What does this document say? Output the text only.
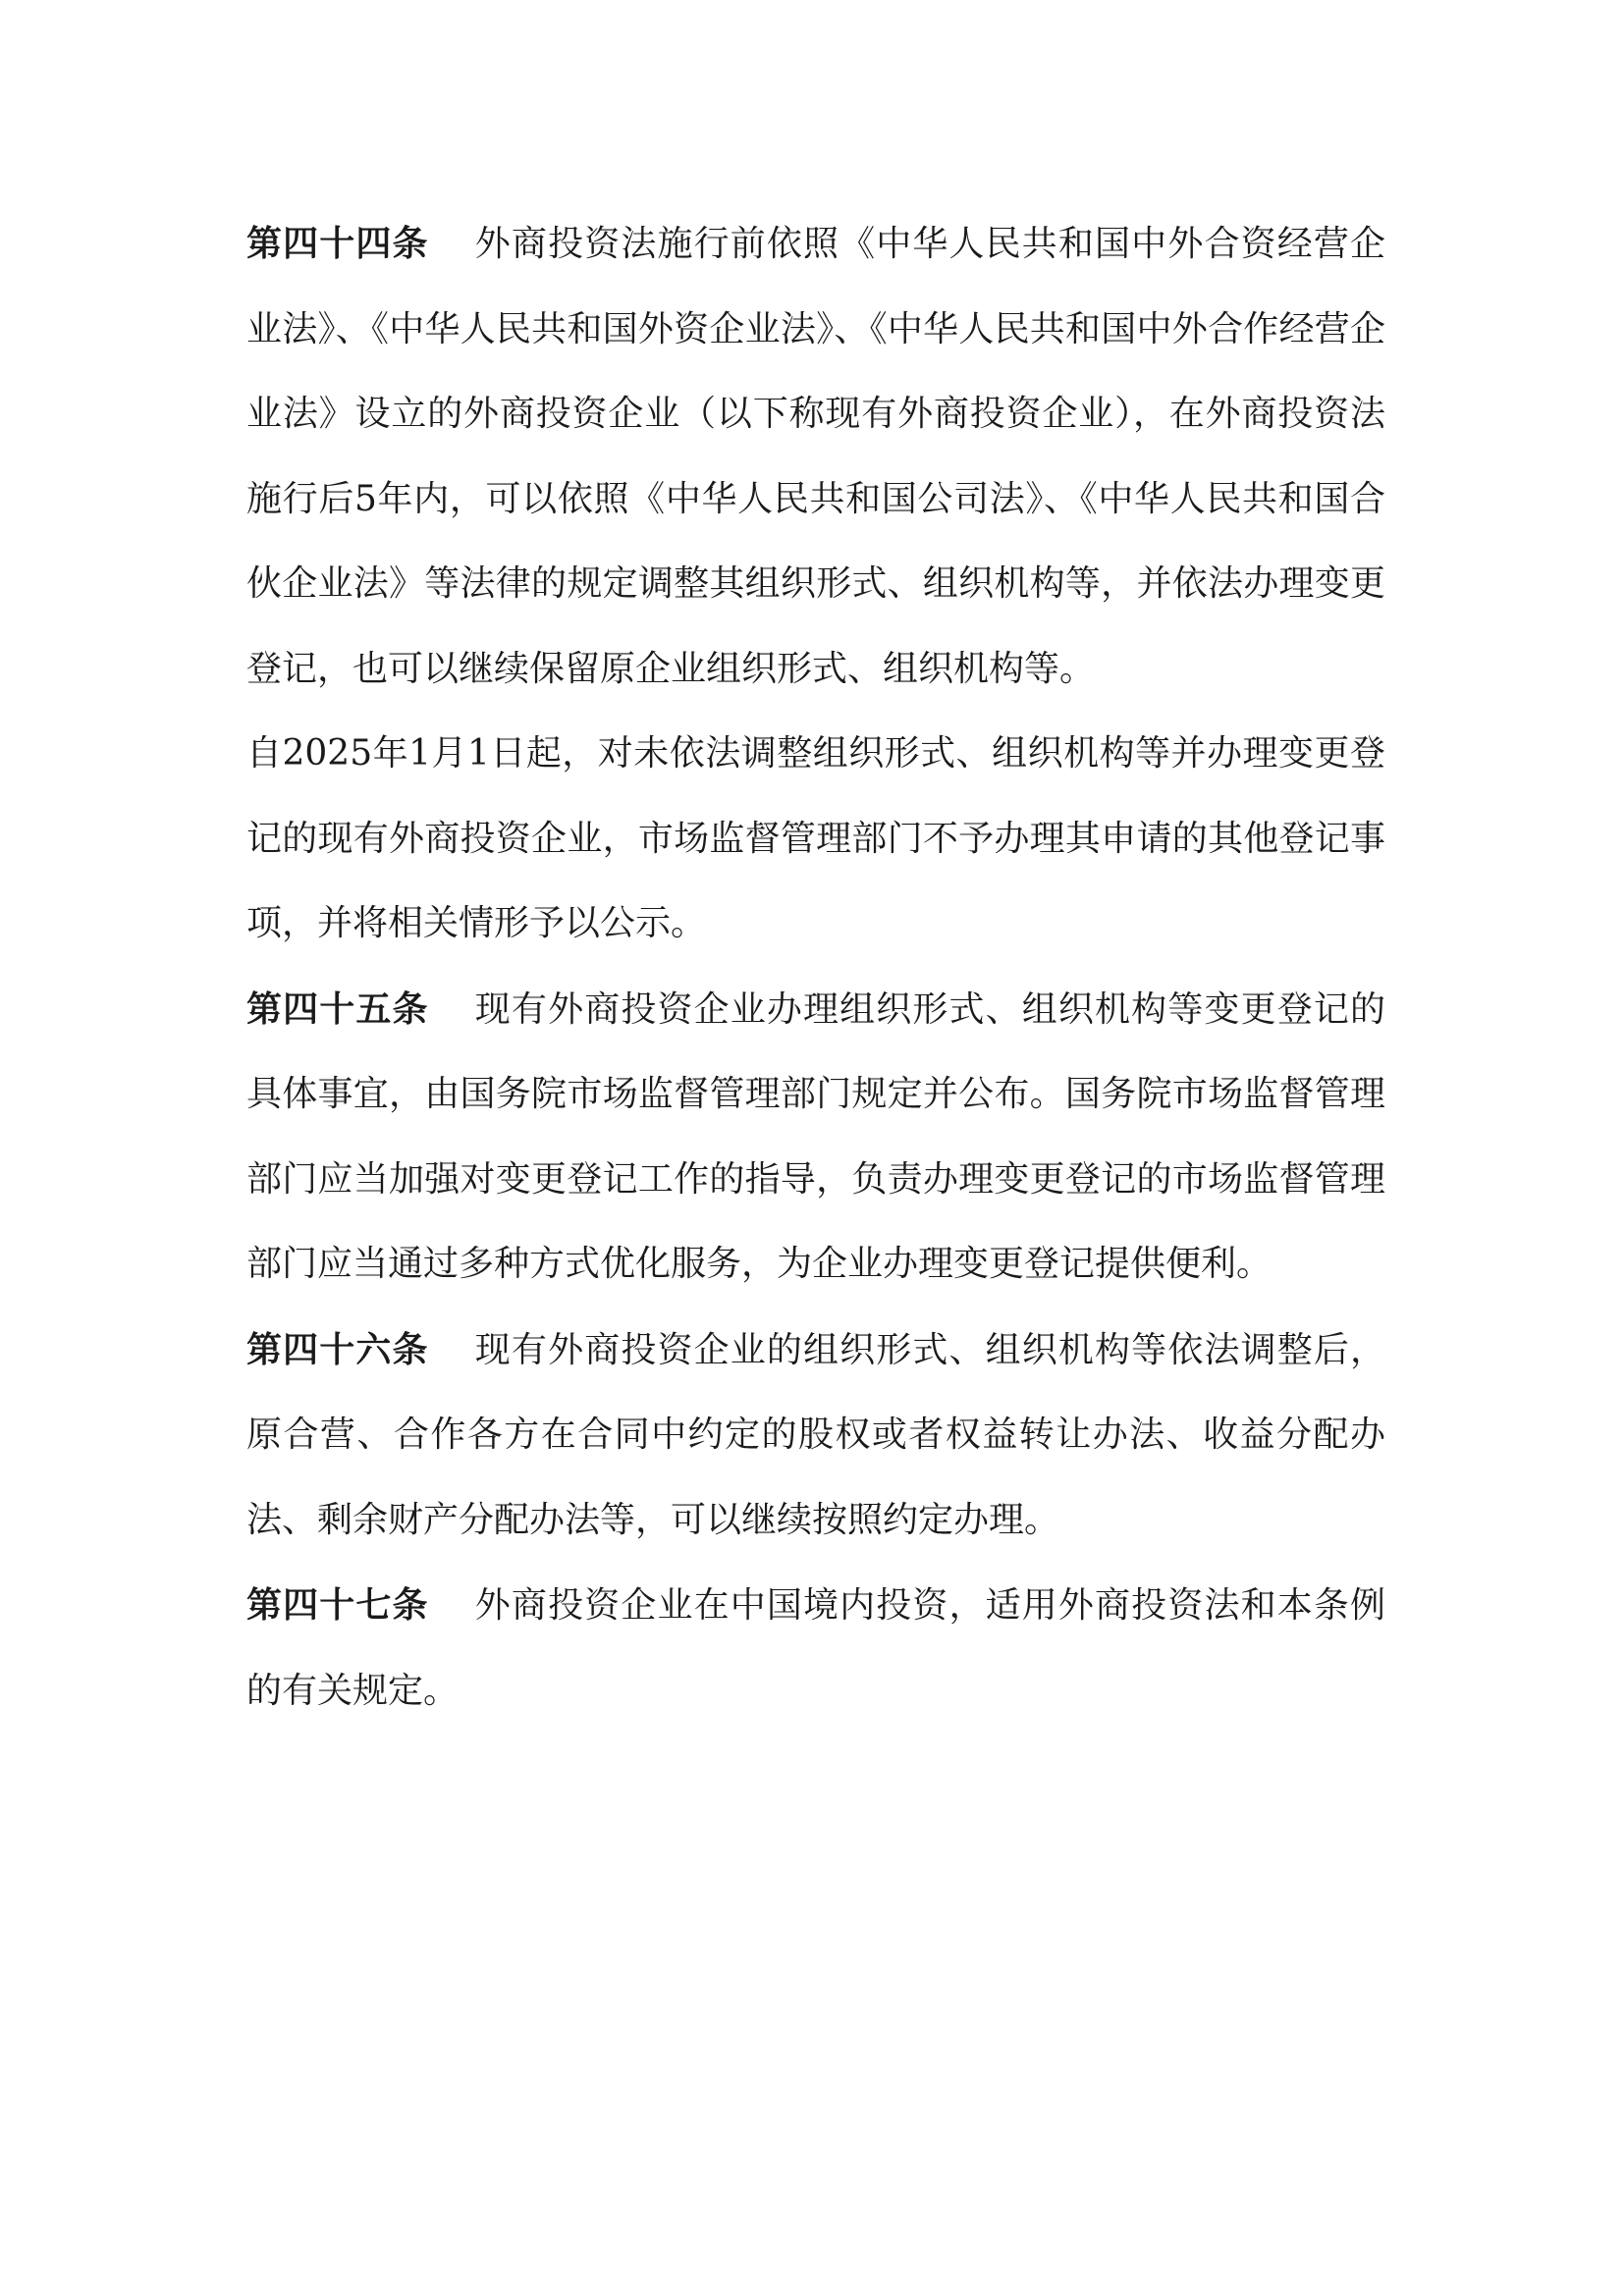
第四十四条 外商投资法施行前依照《中华人民共和国中外合资经营企业法》、《中华人民共和国外资企业法》、《中华人民共和国中外合作经营企业法》设立的外商投资企业（以下称现有外商投资企业），在外商投资法施行后5年内，可以依照《中华人民共和国公司法》、《中华人民共和国合伙企业法》等法律的规定调整其组织形式、组织机构等，并依法办理变更登记，也可以继续保留原企业组织形式、组织机构等。

自2025年1月1日起，对未依法调整组织形式、组织机构等并办理变更登记的现有外商投资企业，市场监督管理部门不予办理其申请的其他登记事项，并将相关情形予以公示。

第四十五条 现有外商投资企业办理组织形式、组织机构等变更登记的具体事宜，由国务院市场监督管理部门规定并公布。国务院市场监督管理部门应当加强对变更登记工作的指导，负责办理变更登记的市场监督管理部门应当通过多种方式优化服务，为企业办理变更登记提供便利。

第四十六条 现有外商投资企业的组织形式、组织机构等依法调整后，原合营、合作各方在合同中约定的股权或者权益转让办法、收益分配办法、剩余财产分配办法等，可以继续按照约定办理。

第四十七条 外商投资企业在中国境内投资，适用外商投资法和本条例的有关规定。
